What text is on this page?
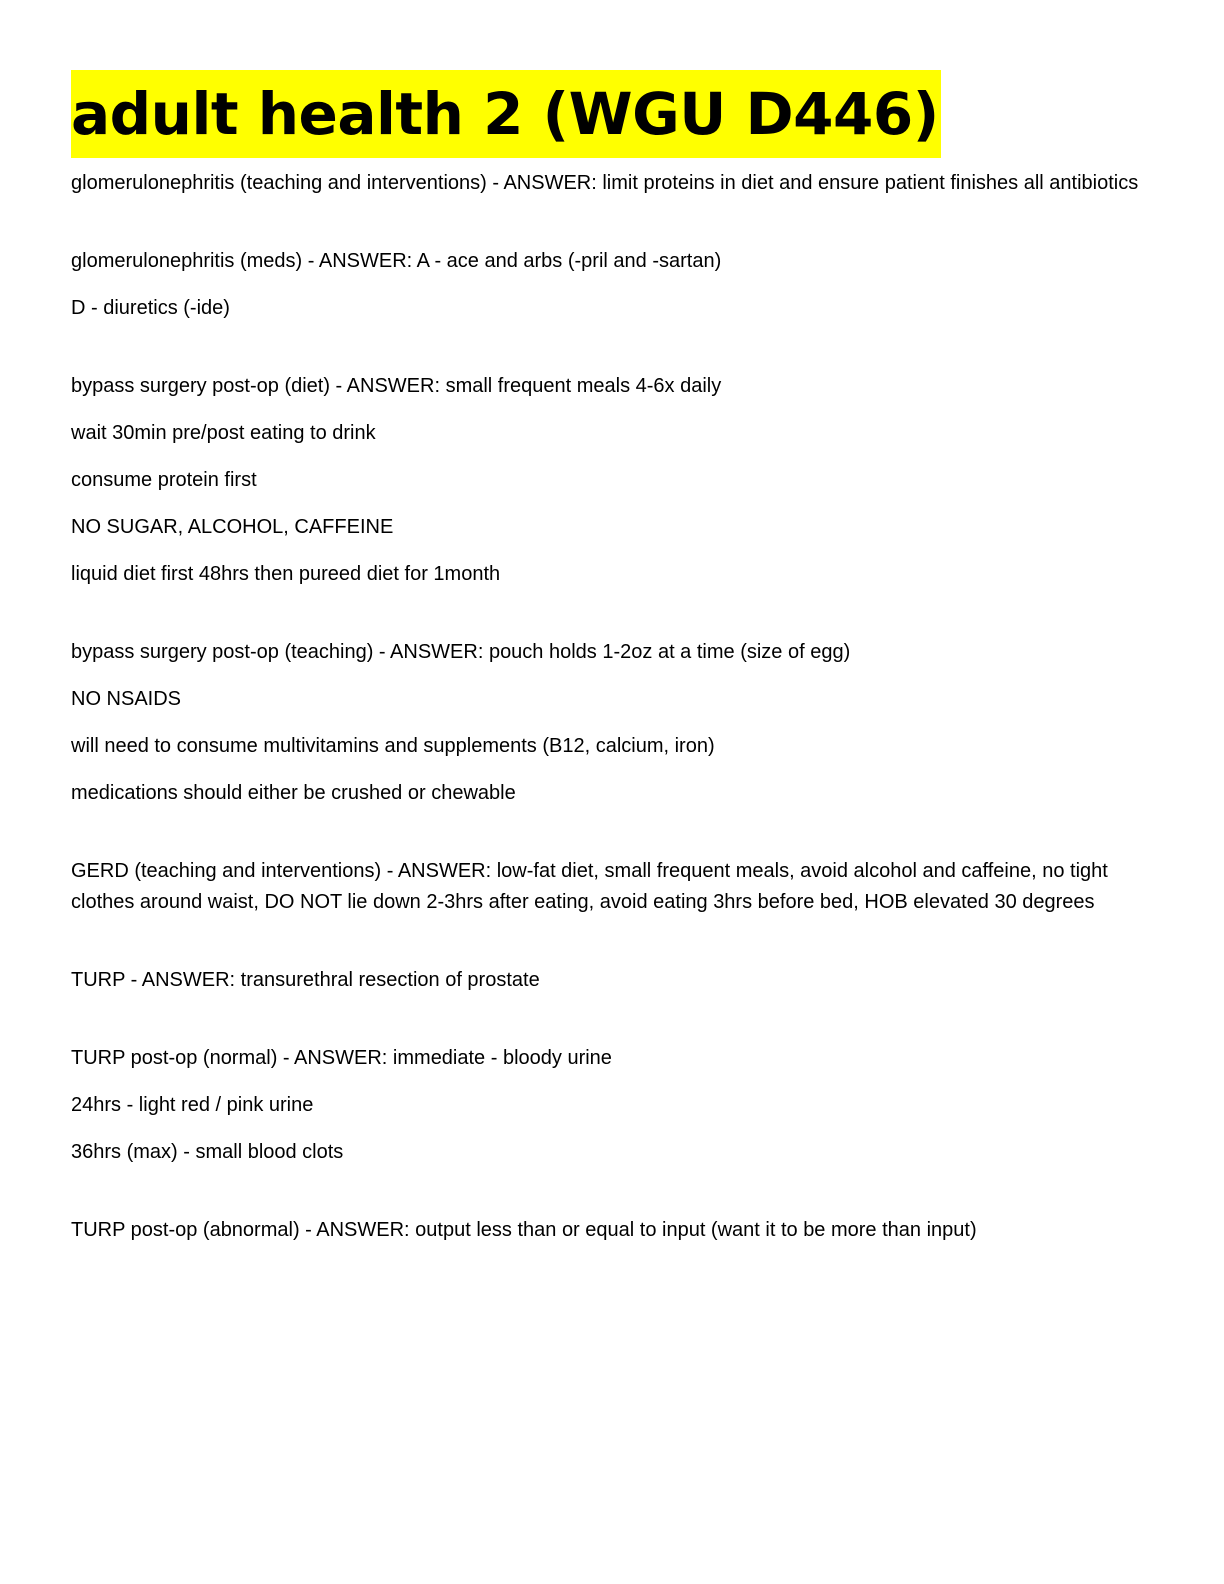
adult health 2 (WGU D446)
glomerulonephritis (teaching and interventions) - ANSWER: limit proteins in diet and ensure patient finishes all antibiotics
glomerulonephritis (meds) - ANSWER: A - ace and arbs (-pril and -sartan)
D - diuretics (-ide)
bypass surgery post-op (diet) - ANSWER: small frequent meals 4-6x daily
wait 30min pre/post eating to drink
consume protein first
NO SUGAR, ALCOHOL, CAFFEINE
liquid diet first 48hrs then pureed diet for 1month
bypass surgery post-op (teaching) - ANSWER: pouch holds 1-2oz at a time (size of egg)
NO NSAIDS
will need to consume multivitamins and supplements (B12, calcium, iron)
medications should either be crushed or chewable
GERD (teaching and interventions) - ANSWER: low-fat diet, small frequent meals, avoid alcohol and caffeine, no tight clothes around waist, DO NOT lie down 2-3hrs after eating, avoid eating 3hrs before bed, HOB elevated 30 degrees
TURP - ANSWER: transurethral resection of prostate
TURP post-op (normal) - ANSWER: immediate - bloody urine
24hrs - light red / pink urine
36hrs (max) - small blood clots
TURP post-op (abnormal) - ANSWER: output less than or equal to input (want it to be more than input)
